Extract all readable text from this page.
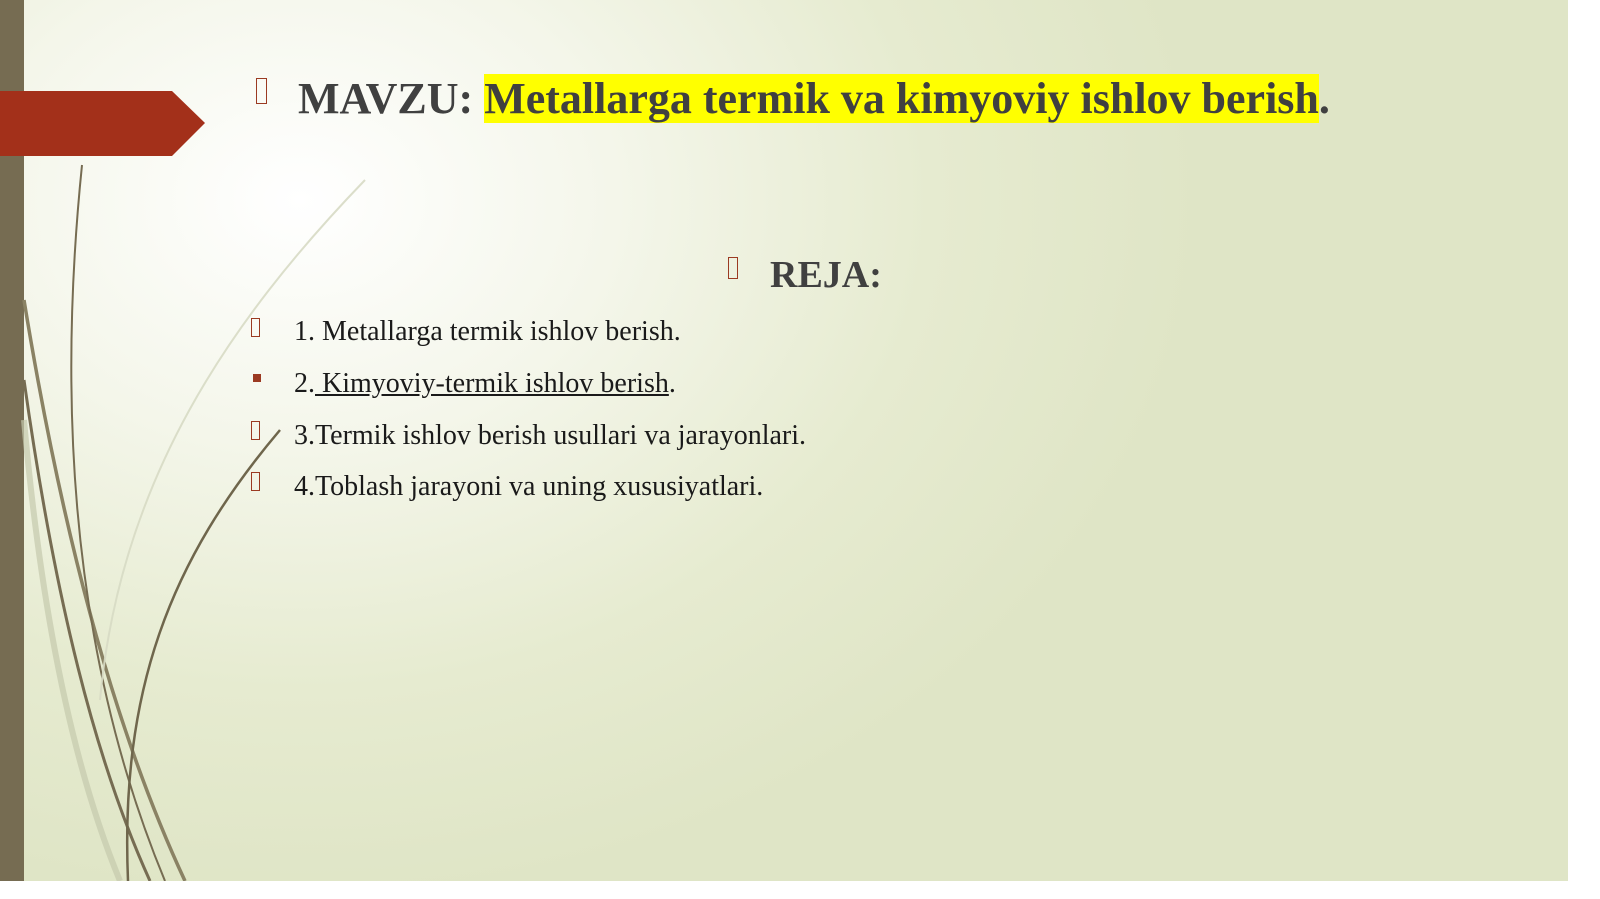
MAVZU: Metallarga termik va kimyoviy ishlov berish.
REJA:
1. Metallarga termik ishlov berish.
2. Kimyoviy-termik ishlov berish.
3.Termik ishlov berish usullari va jarayonlari.
4.Toblash jarayoni va uning xususiyatlari.
